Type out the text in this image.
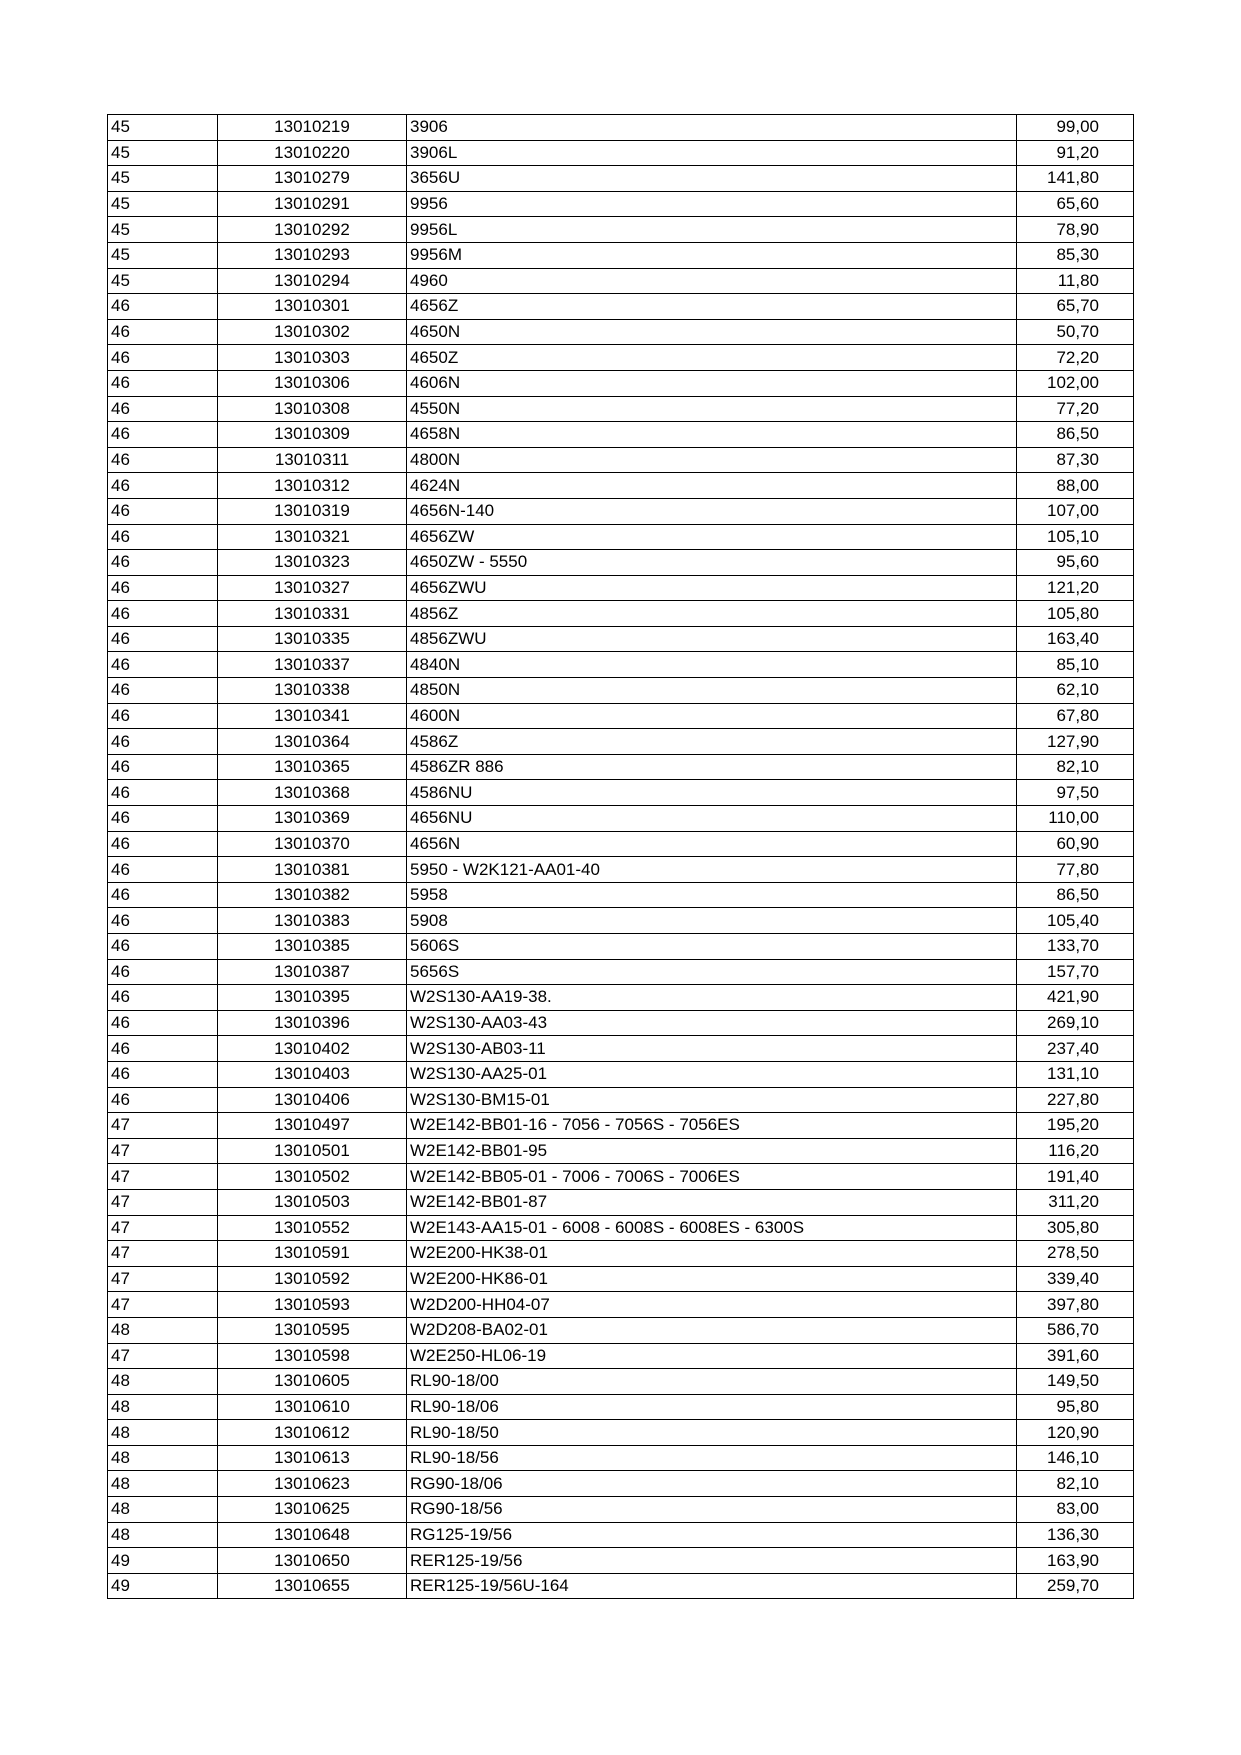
45	13010219	3906	99,00
45	13010220	3906L	91,20
45	13010279	3656U	141,80
45	13010291	9956	65,60
45	13010292	9956L	78,90
45	13010293	9956M	85,30
45	13010294	4960	11,80
46	13010301	4656Z	65,70
46	13010302	4650N	50,70
46	13010303	4650Z	72,20
46	13010306	4606N	102,00
46	13010308	4550N	77,20
46	13010309	4658N	86,50
46	13010311	4800N	87,30
46	13010312	4624N	88,00
46	13010319	4656N-140	107,00
46	13010321	4656ZW	105,10
46	13010323	4650ZW - 5550	95,60
46	13010327	4656ZWU	121,20
46	13010331	4856Z	105,80
46	13010335	4856ZWU	163,40
46	13010337	4840N	85,10
46	13010338	4850N	62,10
46	13010341	4600N	67,80
46	13010364	4586Z	127,90
46	13010365	4586ZR 886	82,10
46	13010368	4586NU	97,50
46	13010369	4656NU	110,00
46	13010370	4656N	60,90
46	13010381	5950 - W2K121-AA01-40	77,80
46	13010382	5958	86,50
46	13010383	5908	105,40
46	13010385	5606S	133,70
46	13010387	5656S	157,70
46	13010395	W2S130-AA19-38.	421,90
46	13010396	W2S130-AA03-43	269,10
46	13010402	W2S130-AB03-11	237,40
46	13010403	W2S130-AA25-01	131,10
46	13010406	W2S130-BM15-01	227,80
47	13010497	W2E142-BB01-16 - 7056 - 7056S - 7056ES	195,20
47	13010501	W2E142-BB01-95	116,20
47	13010502	W2E142-BB05-01 - 7006 - 7006S - 7006ES	191,40
47	13010503	W2E142-BB01-87	311,20
47	13010552	W2E143-AA15-01 - 6008 - 6008S - 6008ES - 6300S	305,80
47	13010591	W2E200-HK38-01	278,50
47	13010592	W2E200-HK86-01	339,40
47	13010593	W2D200-HH04-07	397,80
48	13010595	W2D208-BA02-01	586,70
47	13010598	W2E250-HL06-19	391,60
48	13010605	RL90-18/00	149,50
48	13010610	RL90-18/06	95,80
48	13010612	RL90-18/50	120,90
48	13010613	RL90-18/56	146,10
48	13010623	RG90-18/06	82,10
48	13010625	RG90-18/56	83,00
48	13010648	RG125-19/56	136,30
49	13010650	RER125-19/56	163,90
49	13010655	RER125-19/56U-164	259,70
